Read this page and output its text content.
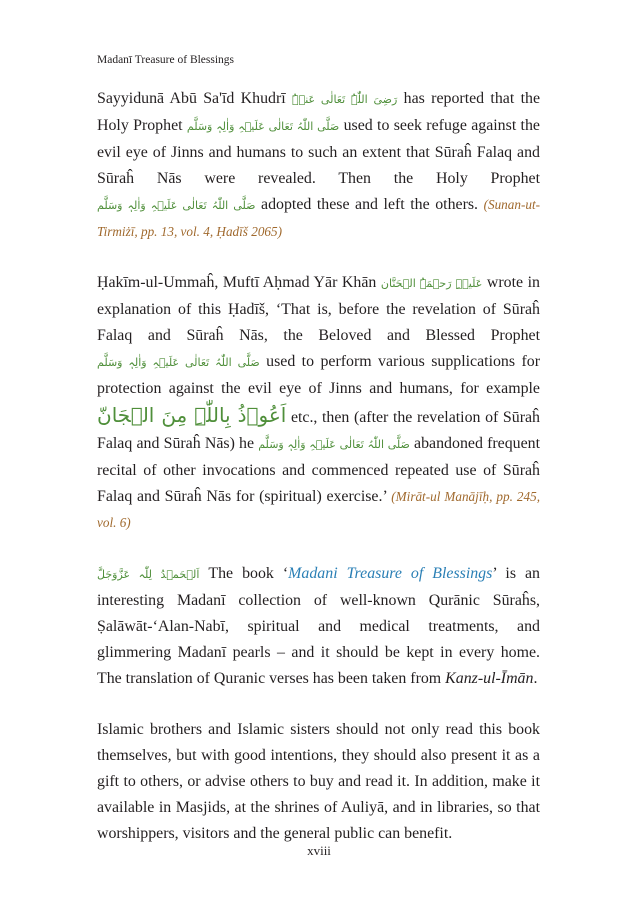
Madanī Treasure of Blessings

Sayyidunā Abū Sa'īd Khudrī رَضِیَ اللّٰہُ تَعَالٰی عَنۡہُ has reported that the Holy Prophet صَلَّی اللّٰہُ تَعَالٰی عَلَیۡہِ وَاٰلِہٖ وَسَلَّم used to seek refuge against the evil eye of Jinns and humans to such an extent that Sūraĥ Falaq and Sūraĥ Nās were revealed. Then the Holy Prophet صَلَّی اللّٰہُ تَعَالٰی عَلَیۡہِ وَاٰلِہٖ وَسَلَّم adopted these and left the others. (Sunan-ut-Tirmiżī, pp. 13, vol. 4, Ḥadīš 2065)

Ḥakīm-ul-Ummaĥ, Muftī Aḥmad Yār Khān عَلَیۡہِ رَحۡمَۃُ الۡحَنَّان wrote in explanation of this Ḥadīš, ‘That is, before the revelation of Sūraĥ Falaq and Sūraĥ Nās, the Beloved and Blessed Prophet صَلَّی اللّٰہُ تَعَالٰی عَلَیۡہِ وَاٰلِہٖ وَسَلَّم used to perform various supplications for protection against the evil eye of Jinns and humans, for example اَعُوۡذُ بِاللّٰہِ مِنَ الۡجَانّ etc., then (after the revelation of Sūraĥ Falaq and Sūraĥ Nās) he صَلَّی اللّٰہُ تَعَالٰی عَلَیۡہِ وَاٰلِہٖ وَسَلَّم abandoned frequent recital of other invocations and commenced repeated use of Sūraĥ Falaq and Sūraĥ Nās for (spiritual) exercise.’ (Mirāt-ul Manājīḥ, pp. 245, vol. 6)

اَلۡحَمۡدُ لِلّٰہ عَزَّوَجَلَّ The book ‘Madani Treasure of Blessings’ is an interesting Madanī collection of well-known Qurānic Sūraĥs, Ṣalāwāt-‘Alan-Nabī, spiritual and medical treatments, and glimmering Madanī pearls – and it should be kept in every home. The translation of Quranic verses has been taken from Kanz-ul-Īmān.

Islamic brothers and Islamic sisters should not only read this book themselves, but with good intentions, they should also present it as a gift to others, or advise others to buy and read it. In addition, make it available in Masjids, at the shrines of Auliyā, and in libraries, so that worshippers, visitors and the general public can benefit.

xviii
